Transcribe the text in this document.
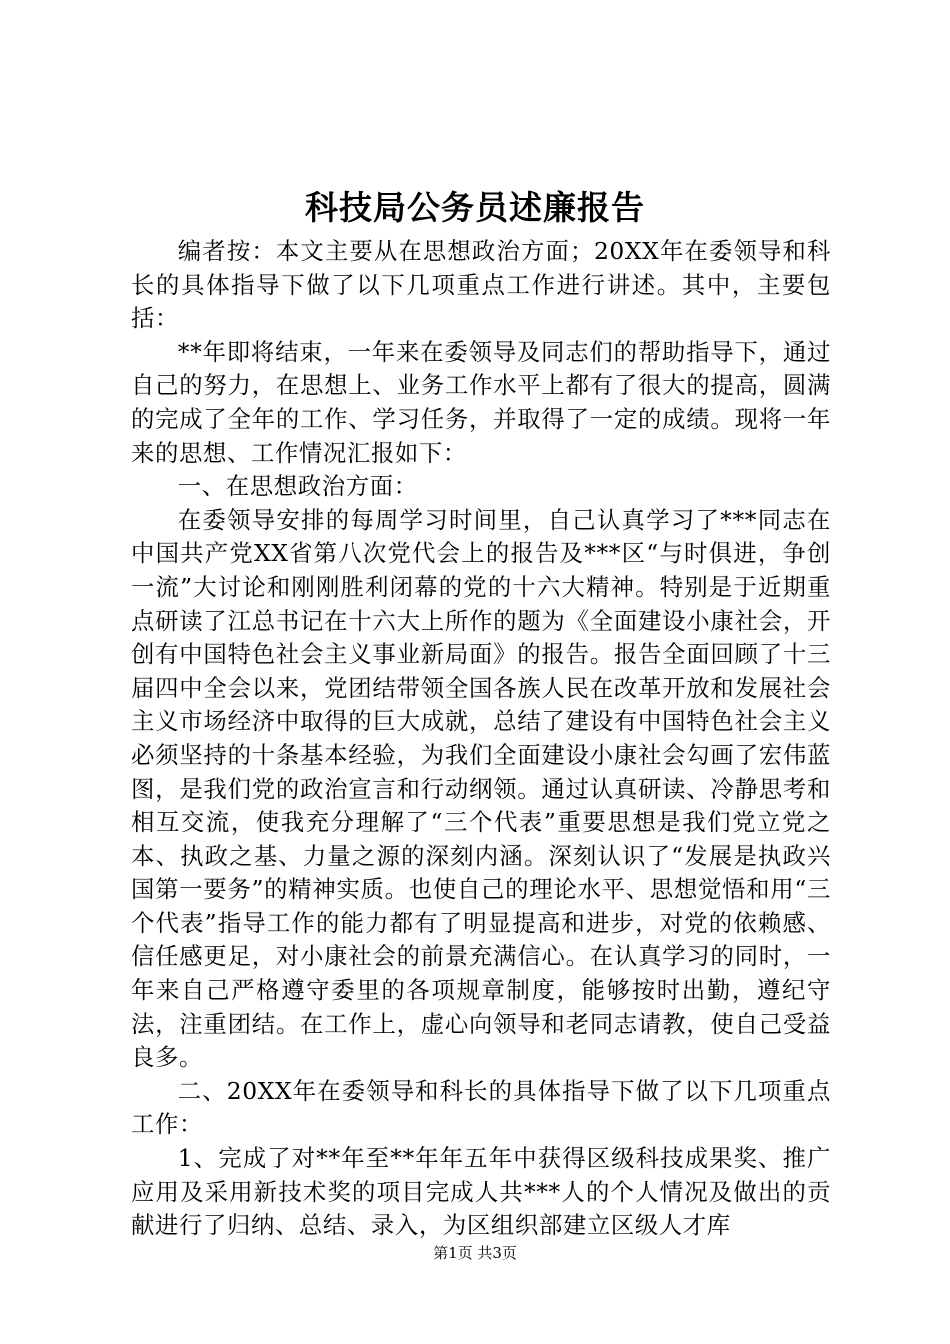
科技局公务员述廉报告

编者按：本文主要从在思想政治方面；20XX年在委领导和科长的具体指导下做了以下几项重点工作进行讲述。其中，主要包括：

**年即将结束，一年来在委领导及同志们的帮助指导下，通过自己的努力，在思想上、业务工作水平上都有了很大的提高，圆满的完成了全年的工作、学习任务，并取得了一定的成绩。现将一年来的思想、工作情况汇报如下：

一、在思想政治方面：

在委领导安排的每周学习时间里，自己认真学习了***同志在中国共产党XX省第八次党代会上的报告及***区“与时俱进，争创一流”大讨论和刚刚胜利闭幕的党的十六大精神。特别是于近期重点研读了江总书记在十六大上所作的题为《全面建设小康社会，开创有中国特色社会主义事业新局面》的报告。报告全面回顾了十三届四中全会以来，党团结带领全国各族人民在改革开放和发展社会主义市场经济中取得的巨大成就，总结了建设有中国特色社会主义必须坚持的十条基本经验，为我们全面建设小康社会勾画了宏伟蓝图，是我们党的政治宣言和行动纲领。通过认真研读、冷静思考和相互交流，使我充分理解了“三个代表”重要思想是我们党立党之本、执政之基、力量之源的深刻内涵。深刻认识了“发展是执政兴国第一要务”的精神实质。也使自己的理论水平、思想觉悟和用“三个代表”指导工作的能力都有了明显提高和进步，对党的依赖感、信任感更足，对小康社会的前景充满信心。在认真学习的同时，一年来自己严格遵守委里的各项规章制度，能够按时出勤，遵纪守法，注重团结。在工作上，虚心向领导和老同志请教，使自己受益良多。

二、20XX年在委领导和科长的具体指导下做了以下几项重点工作：

1、完成了对**年至**年年五年中获得区级科技成果奖、推广应用及采用新技术奖的项目完成人共***人的个人情况及做出的贡献进行了归纳、总结、录入，为区组织部建立区级人才库

第1页 共3页
